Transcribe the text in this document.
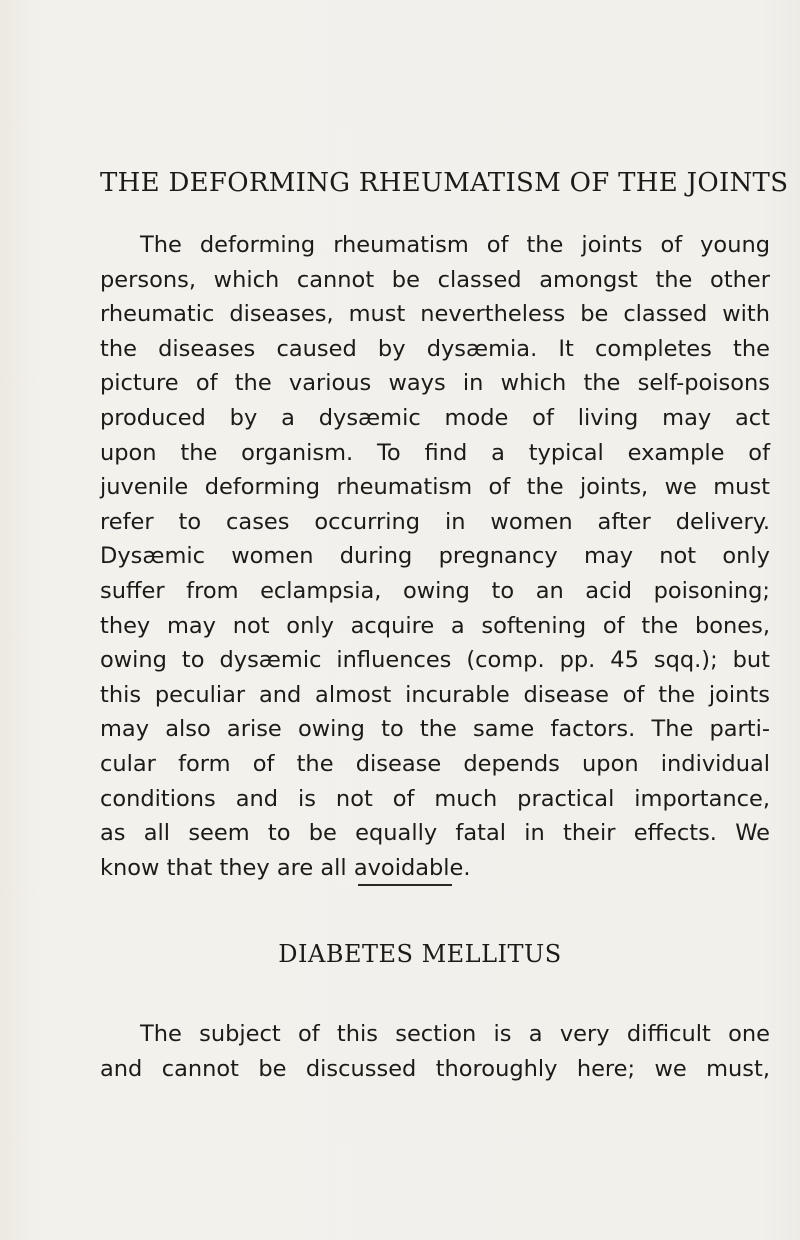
THE DEFORMING RHEUMATISM OF THE JOINTS
The deforming rheumatism of the joints of young
persons, which cannot be classed amongst the other
rheumatic diseases, must nevertheless be classed with
the diseases caused by dysæmia. It completes the
picture of the various ways in which the self-poisons
produced by a dysæmic mode of living may act
upon the organism. To find a typical example of
juvenile deforming rheumatism of the joints, we must
refer to cases occurring in women after delivery.
Dysæmic women during pregnancy may not only
suffer from eclampsia, owing to an acid poisoning;
they may not only acquire a softening of the bones,
owing to dysæmic influences (comp. pp. 45 sqq.); but
this peculiar and almost incurable disease of the joints
may also arise owing to the same factors. The parti-
cular form of the disease depends upon individual
conditions and is not of much practical importance,
as all seem to be equally fatal in their effects. We
know that they are all avoidable.
DIABETES MELLITUS
The subject of this section is a very difficult one
and cannot be discussed thoroughly here; we must,
